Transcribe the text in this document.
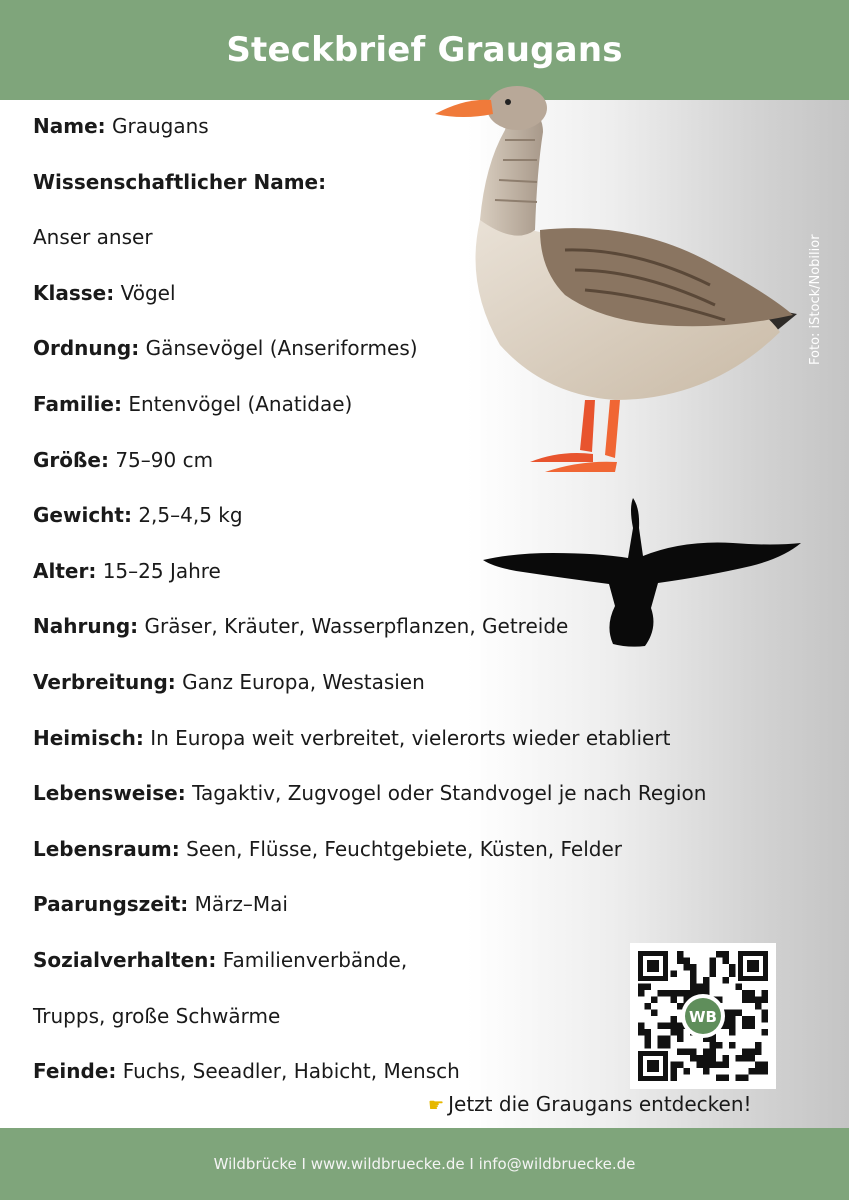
Steckbrief Graugans
Foto: iStock/Nobilior
Name: Graugans
Wissenschaftlicher Name:
Anser anser
Klasse: Vögel
Ordnung: Gänsevögel (Anseriformes)
Familie: Entenvögel (Anatidae)
Größe: 75–90 cm
Gewicht: 2,5–4,5 kg
Alter: 15–25 Jahre
Nahrung: Gräser, Kräuter, Wasserpflanzen, Getreide
Verbreitung: Ganz Europa, Westasien
Heimisch: In Europa weit verbreitet, vielerorts wieder etabliert
Lebensweise: Tagaktiv, Zugvogel oder Standvogel je nach Region
Lebensraum: Seen, Flüsse, Feuchtgebiete, Küsten, Felder
Paarungszeit: März–Mai
Sozialverhalten: Familienverbände,
Trupps, große Schwärme
Feinde: Fuchs, Seeadler, Habicht, Mensch
WB
☛ Jetzt die Graugans entdecken!
Wildbrücke I www.wildbruecke.de I info@wildbruecke.de
